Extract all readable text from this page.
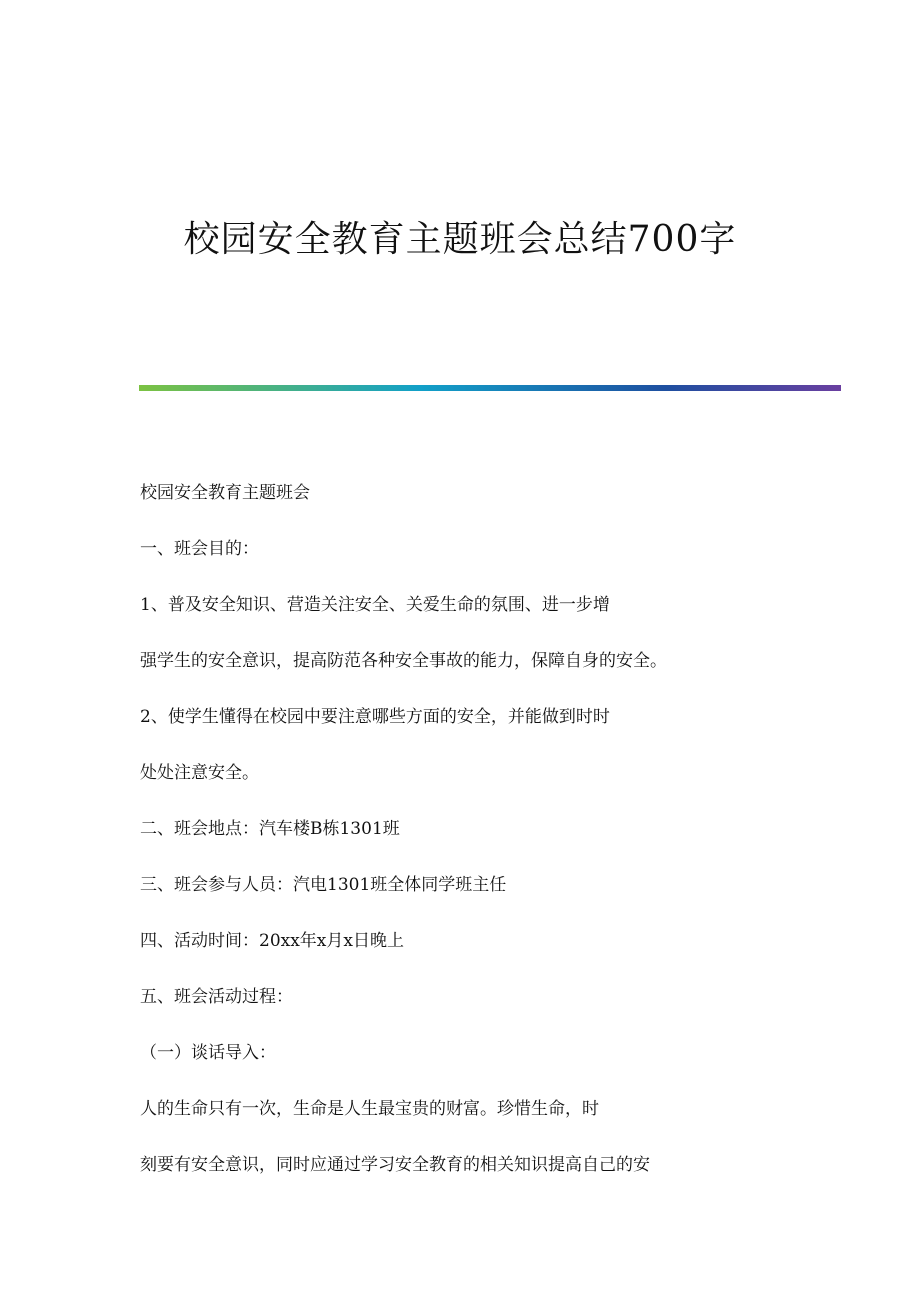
校园安全教育主题班会总结700字

校园安全教育主题班会

一、班会目的：

1、普及安全知识、营造关注安全、关爱生命的氛围、进一步增

强学生的安全意识，提高防范各种安全事故的能力，保障自身的安全。

2、使学生懂得在校园中要注意哪些方面的安全，并能做到时时

处处注意安全。

二、班会地点：汽车楼B栋1301班

三、班会参与人员：汽电1301班全体同学班主任

四、活动时间：20xx年x月x日晚上

五、班会活动过程：

（一）谈话导入：

人的生命只有一次，生命是人生最宝贵的财富。珍惜生命，时

刻要有安全意识，同时应通过学习安全教育的相关知识提高自己的安
